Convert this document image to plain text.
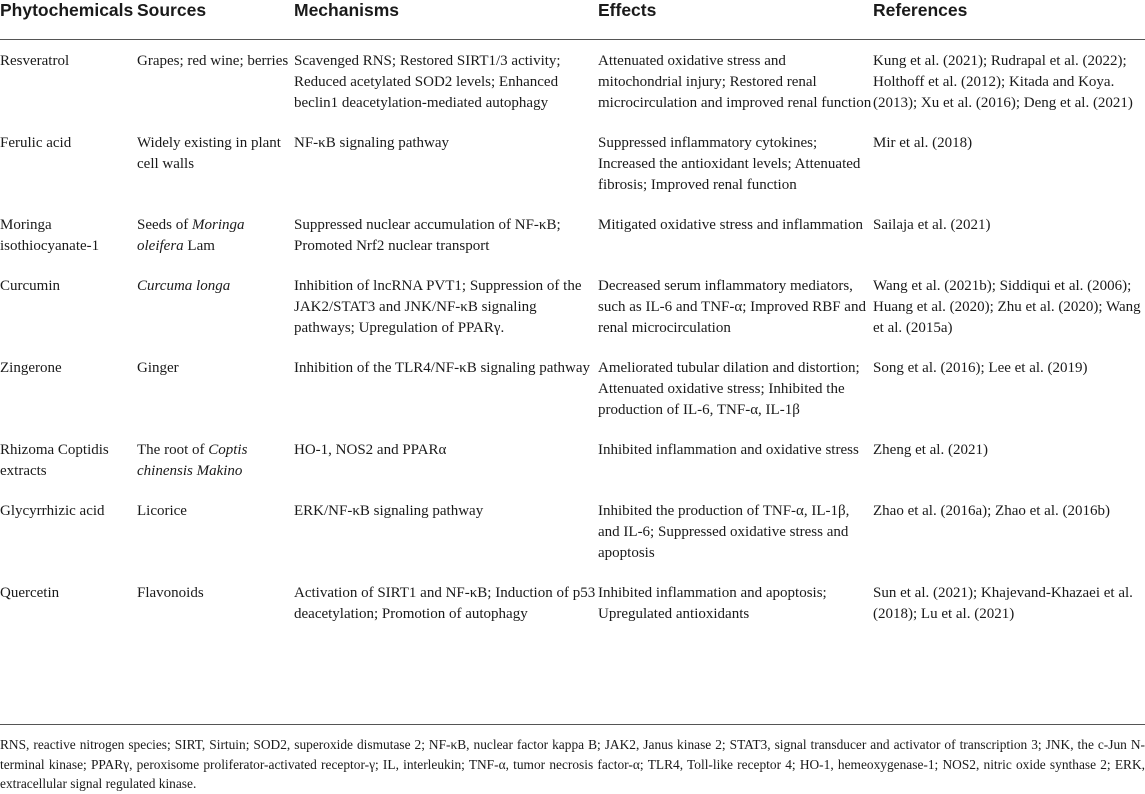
Phytochemicals	Sources	Mechanisms	Effects	References
Resveratrol	Grapes; red wine; berries	Scavenged RNS; Restored SIRT1/3 activity; Reduced acetylated SOD2 levels; Enhanced beclin1 deacetylation-mediated autophagy	Attenuated oxidative stress and mitochondrial injury; Restored renal microcirculation and improved renal function	Kung et al. (2021); Rudrapal et al. (2022); Holthoff et al. (2012); Kitada and Koya. (2013); Xu et al. (2016); Deng et al. (2021)
Ferulic acid	Widely existing in plant cell walls	NF-κB signaling pathway	Suppressed inflammatory cytokines; Increased the antioxidant levels; Attenuated fibrosis; Improved renal function	Mir et al. (2018)
Moringa isothiocyanate-1	Seeds of Moringa oleifera Lam	Suppressed nuclear accumulation of NF-κB; Promoted Nrf2 nuclear transport	Mitigated oxidative stress and inflammation	Sailaja et al. (2021)
Curcumin	Curcuma longa	Inhibition of lncRNA PVT1; Suppression of the JAK2/STAT3 and JNK/NF-κB signaling pathways; Upregulation of PPARγ.	Decreased serum inflammatory mediators, such as IL-6 and TNF-α; Improved RBF and renal microcirculation	Wang et al. (2021b); Siddiqui et al. (2006); Huang et al. (2020); Zhu et al. (2020); Wang et al. (2015a)
Zingerone	Ginger	Inhibition of the TLR4/NF-κB signaling pathway	Ameliorated tubular dilation and distortion; Attenuated oxidative stress; Inhibited the production of IL-6, TNF-α, IL-1β	Song et al. (2016); Lee et al. (2019)
Rhizoma Coptidis extracts	The root of Coptis chinensis Makino	HO-1, NOS2 and PPARα	Inhibited inflammation and oxidative stress	Zheng et al. (2021)
Glycyrrhizic acid	Licorice	ERK/NF-κB signaling pathway	Inhibited the production of TNF-α, IL-1β, and IL-6; Suppressed oxidative stress and apoptosis	Zhao et al. (2016a); Zhao et al. (2016b)
Quercetin	Flavonoids	Activation of SIRT1 and NF-κB; Induction of p53 deacetylation; Promotion of autophagy	Inhibited inflammation and apoptosis; Upregulated antioxidants	Sun et al. (2021); Khajevand-Khazaei et al. (2018); Lu et al. (2021)
RNS, reactive nitrogen species; SIRT, Sirtuin; SOD2, superoxide dismutase 2; NF-κB, nuclear factor kappa B; JAK2, Janus kinase 2; STAT3, signal transducer and activator of transcription 3; JNK, the c-Jun N-terminal kinase; PPARγ, peroxisome proliferator-activated receptor-γ; IL, interleukin; TNF-α, tumor necrosis factor-α; TLR4, Toll-like receptor 4; HO-1, hemeoxygenase-1; NOS2, nitric oxide synthase 2; ERK, extracellular signal regulated kinase.
